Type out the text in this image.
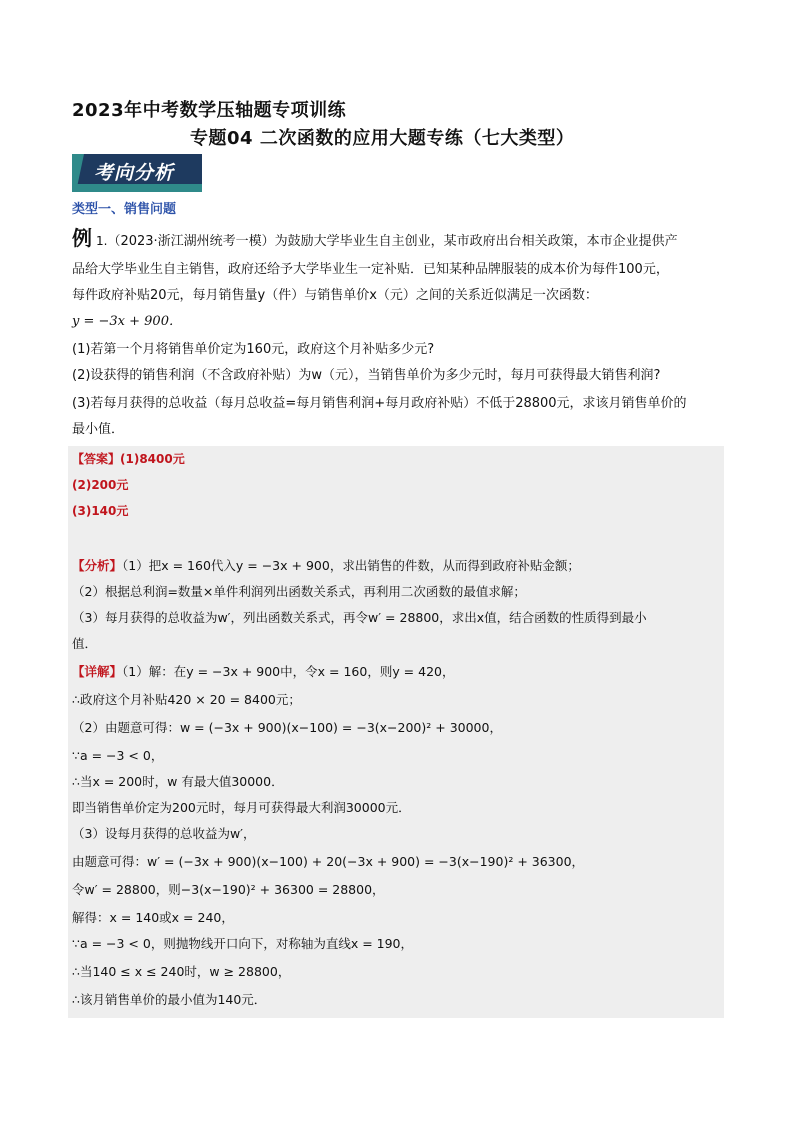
2023年中考数学压轴题专项训练
专题04 二次函数的应用大题专练（七大类型）
考向分析
类型一、销售问题
例 1.（2023·浙江湖州统考一模）为鼓励大学毕业生自主创业，某市政府出台相关政策，本市企业提供产
品给大学毕业生自主销售，政府还给予大学毕业生一定补贴．已知某种品牌服装的成本价为每件100元，
每件政府补贴20元，每月销售量y（件）与销售单价x（元）之间的关系近似满足一次函数：
y = −3x + 900．
(1)若第一个月将销售单价定为160元，政府这个月补贴多少元?
(2)设获得的销售利润（不含政府补贴）为w（元），当销售单价为多少元时，每月可获得最大销售利润?
(3)若每月获得的总收益（每月总收益=每月销售利润+每月政府补贴）不低于28800元，求该月销售单价的
最小值．
【答案】(1)8400元
(2)200元
(3)140元
【分析】（1）把x = 160代入y = −3x + 900，求出销售的件数，从而得到政府补贴金额；
（2）根据总利润=数量×单件利润列出函数关系式，再利用二次函数的最值求解；
（3）每月获得的总收益为w′，列出函数关系式，再令w′ = 28800，求出x值，结合函数的性质得到最小
值．
【详解】（1）解：在y = −3x + 900中，令x = 160，则y = 420，
∴政府这个月补贴420 × 20 = 8400元；
（2）由题意可得：w = (−3x + 900)(x−100) = −3(x−200)² + 30000，
∵a = −3 < 0，
∴当x = 200时，w 有最大值30000．
即当销售单价定为200元时，每月可获得最大利润30000元．
（3）设每月获得的总收益为w′，
由题意可得：w′ = (−3x + 900)(x−100) + 20(−3x + 900) = −3(x−190)² + 36300，
令w′ = 28800，则−3(x−190)² + 36300 = 28800，
解得：x = 140或x = 240，
∵a = −3 < 0，则抛物线开口向下，对称轴为直线x = 190，
∴当140 ≤ x ≤ 240时，w ≥ 28800，
∴该月销售单价的最小值为140元．
